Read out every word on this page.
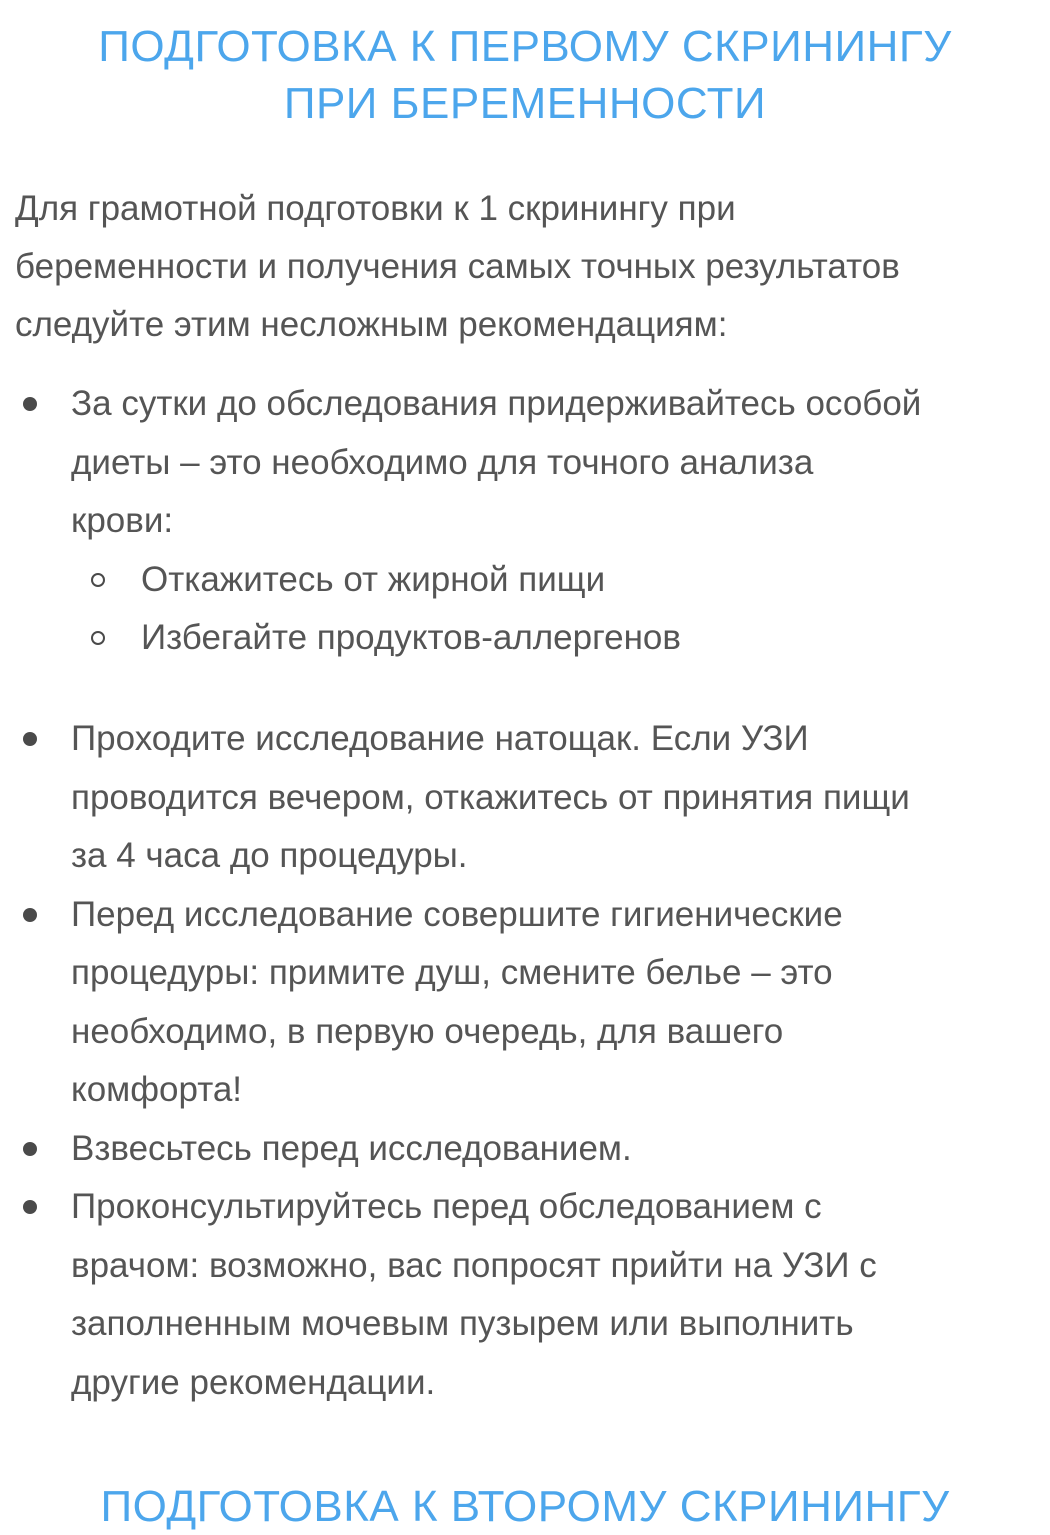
ПОДГОТОВКА К ПЕРВОМУ СКРИНИНГУ
ПРИ БЕРЕМЕННОСТИ

Для грамотной подготовки к 1 скринингу при
беременности и получения самых точных результатов
следуйте этим несложным рекомендациям:

За сутки до обследования придерживайтесь особой
диеты – это необходимо для точного анализа
крови:
Откажитесь от жирной пищи
Избегайте продуктов-аллергенов
Проходите исследование натощак. Если УЗИ
проводится вечером, откажитесь от принятия пищи
за 4 часа до процедуры.
Перед исследование совершите гигиенические
процедуры: примите душ, смените белье – это
необходимо, в первую очередь, для вашего
комфорта!
Взвесьтесь перед исследованием.
Проконсультируйтесь перед обследованием с
врачом: возможно, вас попросят прийти на УЗИ с
заполненным мочевым пузырем или выполнить
другие рекомендации.
ПОДГОТОВКА К ВТОРОМУ СКРИНИНГУ
